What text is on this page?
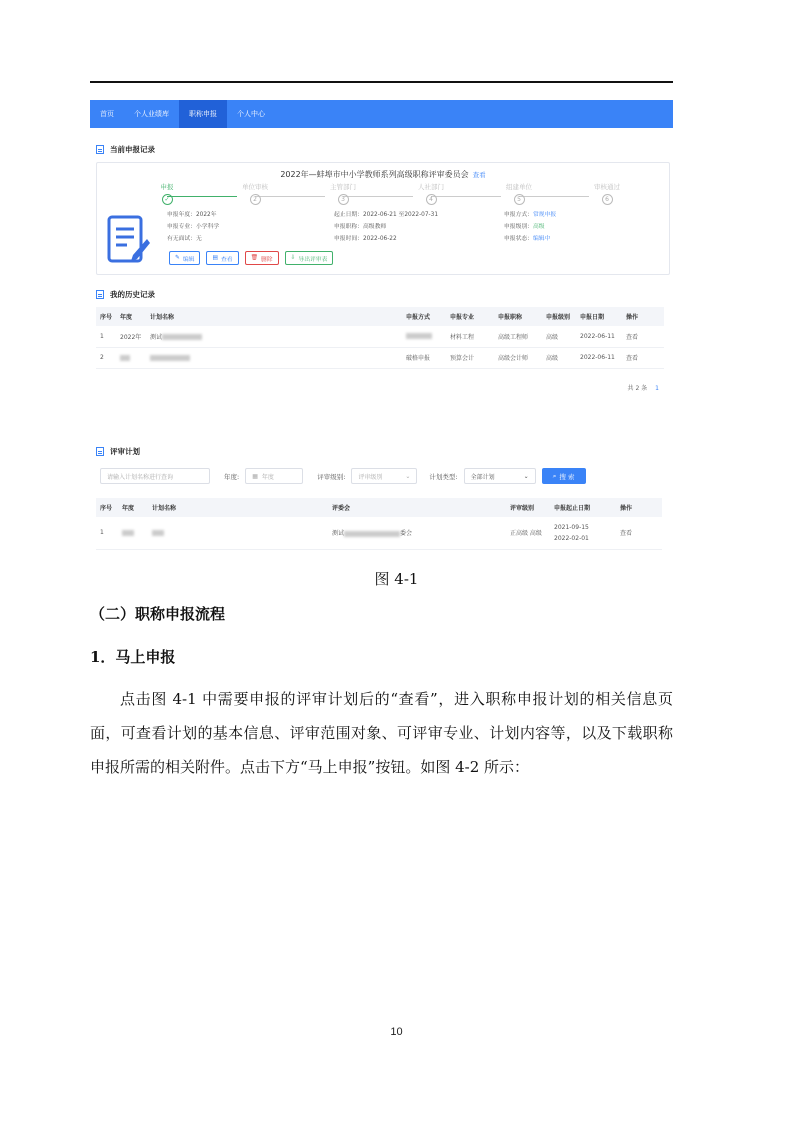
首页	个人业绩库	职称申报	个人中心
当前申报记录
2022年—蚌埠市中小学教师系列高级职称评审委员会 查看
申报
✓
单位审核
2
主管部门
3
人社部门
4
组建单位
5
审核通过
6
申报年度：2022年
申报专业：小学科学
有无面试：无
起止日期：2022-06-21 至2022-07-31
申报职称：高级教师
申报时间：2022-06-22
申报方式：常规申报
申报级别：高级
申报状态：编辑中
✎ 编辑	▤ 查看	🗑 删除	⇩ 导出评审表
我的历史记录
序号	年度	计划名称	申报方式	申报专业	申报职称	申报级别	申报日期	操作
1	2022年	测试		材料工程	高级工程师	高级	2022-06-11	查看
2			破格申报	预算会计	高级会计师	高级	2022-06-11	查看
共 2 条 1
评审计划
请输入计划名称进行查询	年度: ▦ 年度	评审级别: 评审级别	⌄	计划类型: 全部计划	⌄	⌕ 搜 索
序号	年度	计划名称	评委会	评审级别	申报起止日期	操作
1			测试 委会	正高级 高级	2021-09-15
2022-02-01	查看
图 4-1
（二）职称申报流程
1．马上申报
点击图 4-1 中需要申报的评审计划后的“查看”，进入职称申报计划的相关信息页面，可查看计划的基本信息、评审范围对象、可评审专业、计划内容等，以及下载职称申报所需的相关附件。点击下方“马上申报”按钮。如图 4-2 所示：
10
